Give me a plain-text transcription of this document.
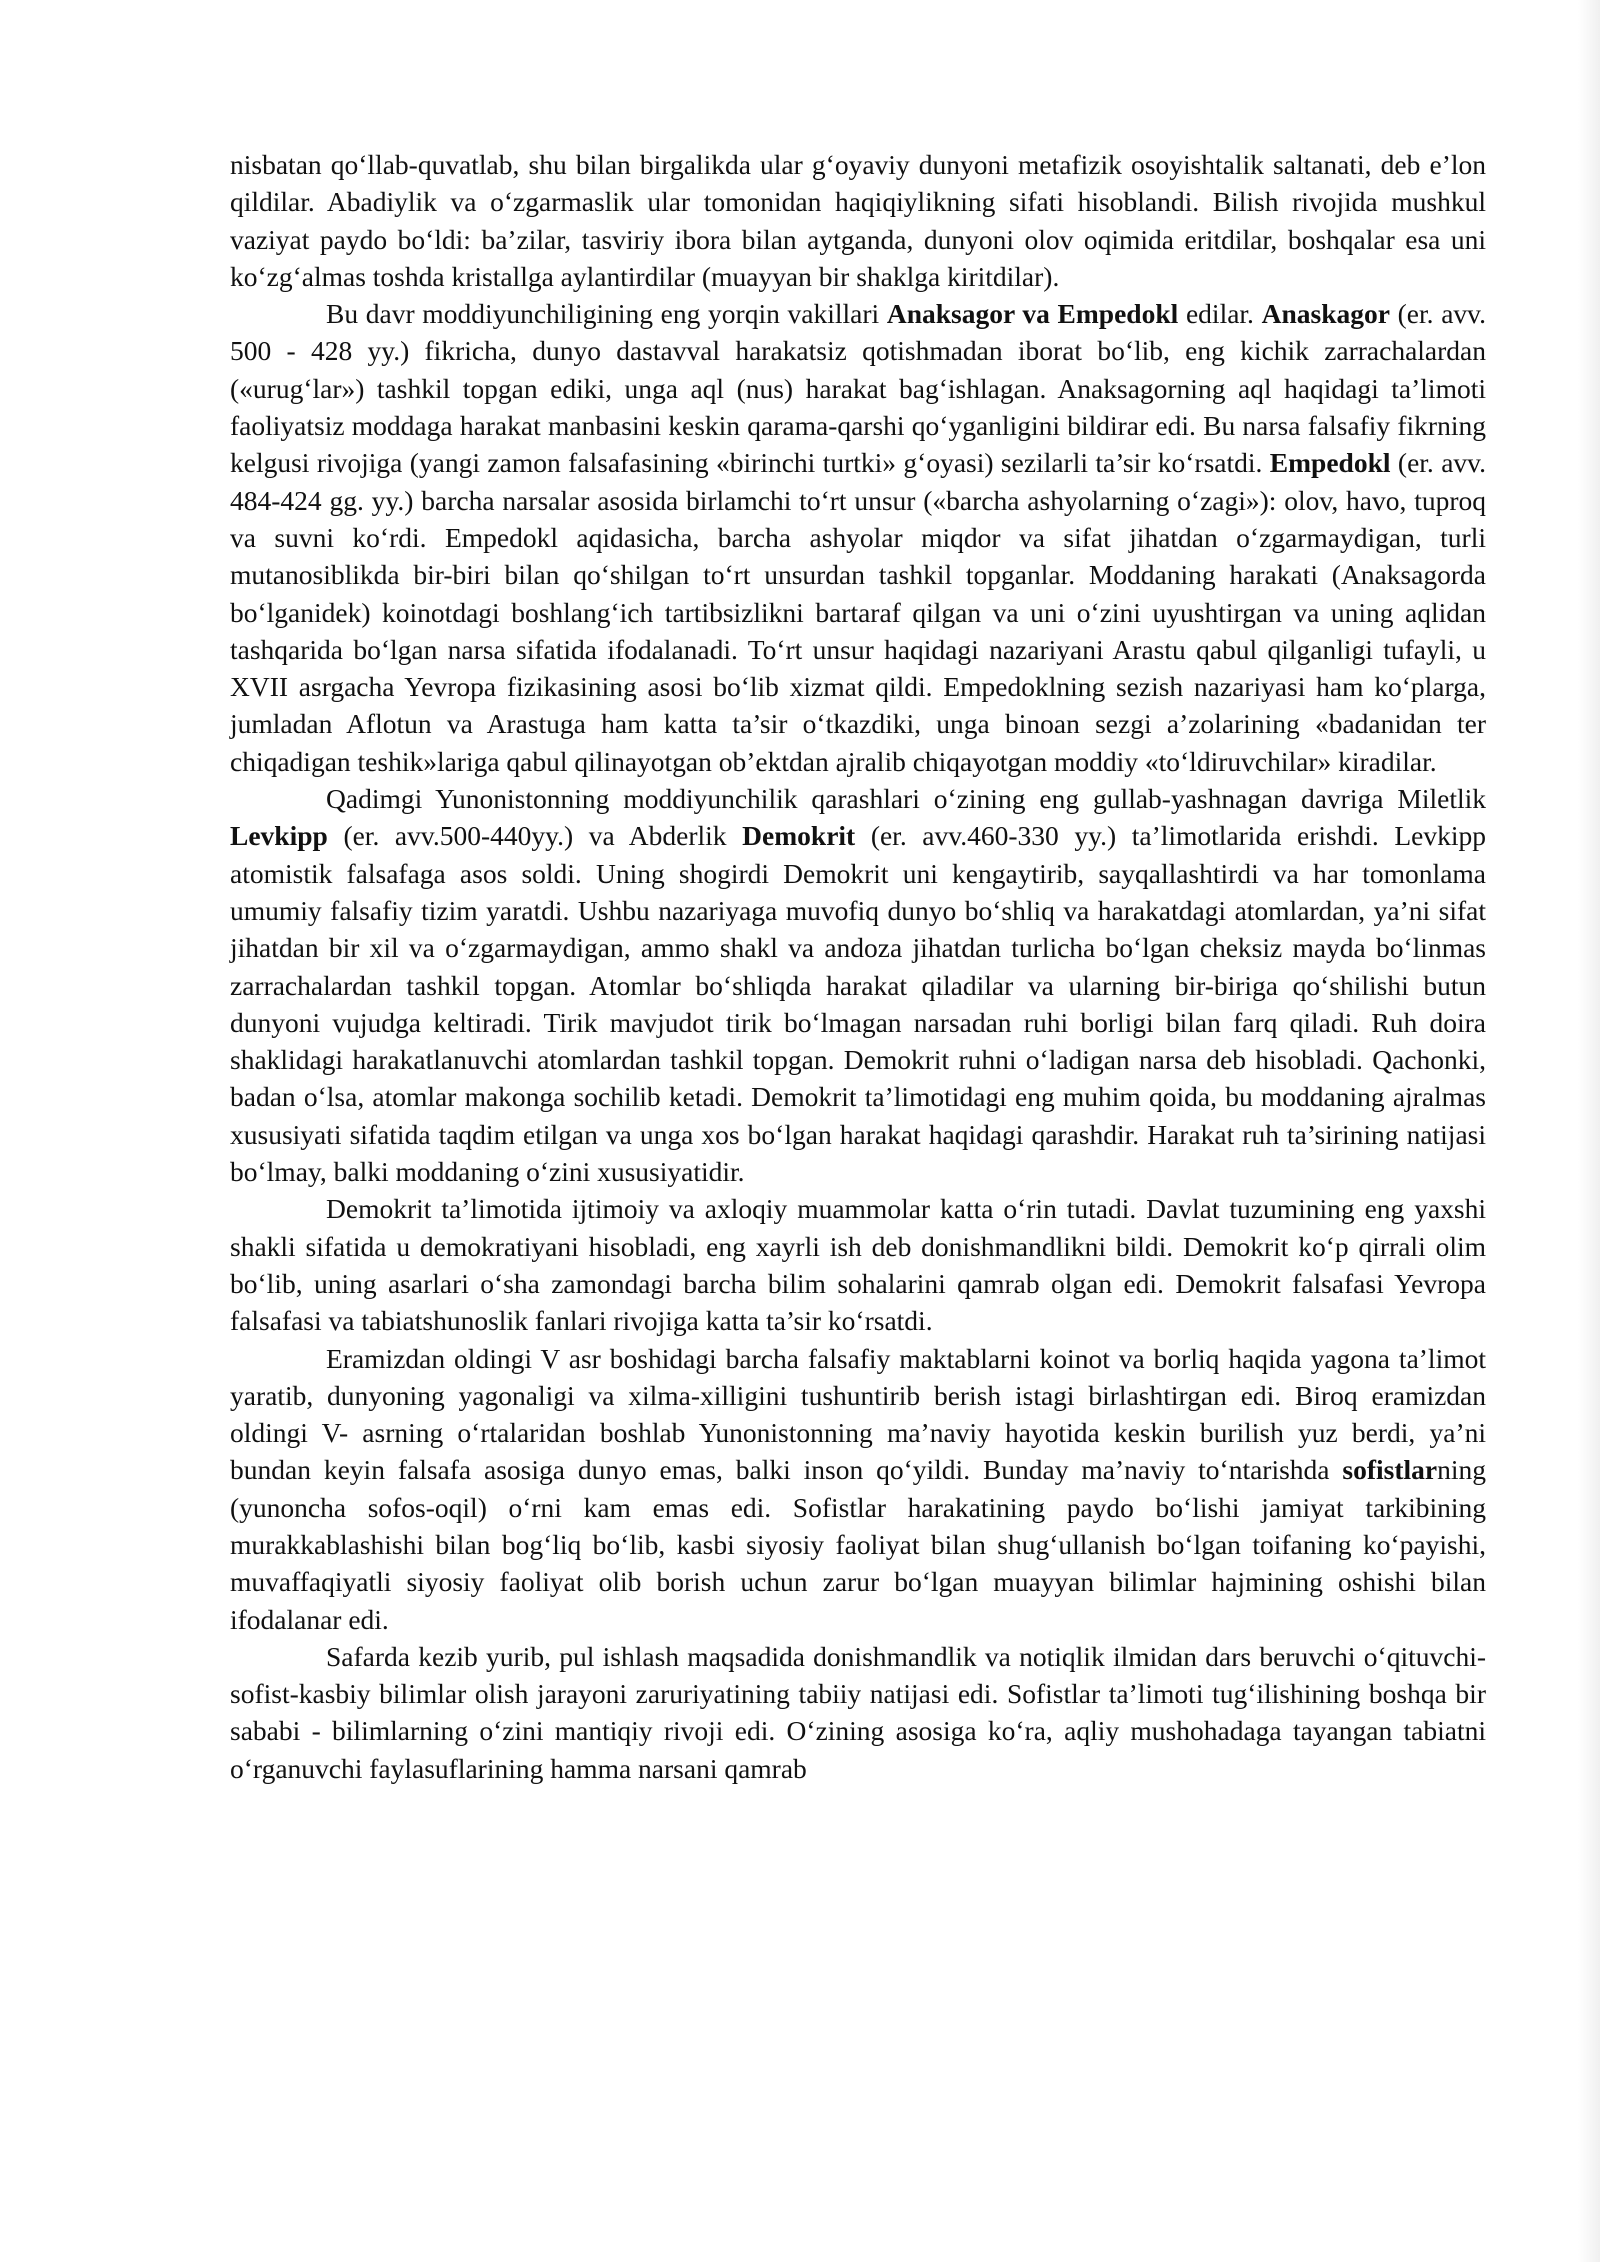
nisbatan qo‘llab-quvatlab, shu bilan birgalikda ular g‘oyaviy dunyoni metafizik osoyishtalik saltanati, deb e’lon qildilar. Abadiylik va o‘zgarmaslik ular tomonidan haqiqiylikning sifati hisoblandi. Bilish rivojida mushkul vaziyat paydo bo‘ldi: ba’zilar, tasviriy ibora bilan aytganda, dunyoni olov oqimida eritdilar, boshqalar esa uni ko‘zg‘almas toshda kristallga aylantirdilar (muayyan bir shaklga kiritdilar).

Bu davr moddiyunchiligining eng yorqin vakillari Anaksagor va Empedokl edilar. Anaskagor (er. avv. 500 - 428 yy.) fikricha, dunyo dastavval harakatsiz qotishmadan iborat bo‘lib, eng kichik zarrachalardan («urug‘lar») tashkil topgan ediki, unga aql (nus) harakat bag‘ishlagan. Anaksagorning aql haqidagi ta’limoti faoliyatsiz moddaga harakat manbasini keskin qarama-qarshi qo‘yganligini bildirar edi. Bu narsa falsafiy fikrning kelgusi rivojiga (yangi zamon falsafasining «birinchi turtki» g‘oyasi) sezilarli ta’sir ko‘rsatdi. Empedokl (er. avv. 484-424 gg. yy.) barcha narsalar asosida birlamchi to‘rt unsur («barcha ashyolarning o‘zagi»): olov, havo, tuproq va suvni ko‘rdi. Empedokl aqidasicha, barcha ashyolar miqdor va sifat jihatdan o‘zgarmaydigan, turli mutanosiblikda bir-biri bilan qo‘shilgan to‘rt unsurdan tashkil topganlar. Moddaning harakati (Anaksagorda bo‘lganidek) koinotdagi boshlang‘ich tartibsizlikni bartaraf qilgan va uni o‘zini uyushtirgan va uning aqlidan tashqarida bo‘lgan narsa sifatida ifodalanadi. To‘rt unsur haqidagi nazariyani Arastu qabul qilganligi tufayli, u XVII asrgacha Yevropa fizikasining asosi bo‘lib xizmat qildi. Empedoklning sezish nazariyasi ham ko‘plarga, jumladan Aflotun va Arastuga ham katta ta’sir o‘tkazdiki, unga binoan sezgi a’zolarining «badanidan ter chiqadigan teshik»lariga qabul qilinayotgan ob’ektdan ajralib chiqayotgan moddiy «to‘ldiruvchilar» kiradilar.

Qadimgi Yunonistonning moddiyunchilik qarashlari o‘zining eng gullab-yashnagan davriga Miletlik Levkipp (er. avv.500-440yy.) va Abderlik Demokrit (er. avv.460-330 yy.) ta’limotlarida erishdi. Levkipp atomistik falsafaga asos soldi. Uning shogirdi Demokrit uni kengaytirib, sayqallashtirdi va har tomonlama umumiy falsafiy tizim yaratdi. Ushbu nazariyaga muvofiq dunyo bo‘shliq va harakatdagi atomlardan, ya’ni sifat jihatdan bir xil va o‘zgarmaydigan, ammo shakl va andoza jihatdan turlicha bo‘lgan cheksiz mayda bo‘linmas zarrachalardan tashkil topgan. Atomlar bo‘shliqda harakat qiladilar va ularning bir-biriga qo‘shilishi butun dunyoni vujudga keltiradi. Tirik mavjudot tirik bo‘lmagan narsadan ruhi borligi bilan farq qiladi. Ruh doira shaklidagi harakatlanuvchi atomlardan tashkil topgan. Demokrit ruhni o‘ladigan narsa deb hisobladi. Qachonki, badan o‘lsa, atomlar makonga sochilib ketadi. Demokrit ta’limotidagi eng muhim qoida, bu moddaning ajralmas xususiyati sifatida taqdim etilgan va unga xos bo‘lgan harakat haqidagi qarashdir. Harakat ruh ta’sirining natijasi bo‘lmay, balki moddaning o‘zini xususiyatidir.

Demokrit ta’limotida ijtimoiy va axloqiy muammolar katta o‘rin tutadi. Davlat tuzumining eng yaxshi shakli sifatida u demokratiyani hisobladi, eng xayrli ish deb donishmandlikni bildi. Demokrit ko‘p qirrali olim bo‘lib, uning asarlari o‘sha zamondagi barcha bilim sohalarini qamrab olgan edi. Demokrit falsafasi Yevropa falsafasi va tabiatshunoslik fanlari rivojiga katta ta’sir ko‘rsatdi.

Eramizdan oldingi V asr boshidagi barcha falsafiy maktablarni koinot va borliq haqida yagona ta’limot yaratib, dunyoning yagonaligi va xilma-xilligini tushuntirib berish istagi birlashtirgan edi. Biroq eramizdan oldingi V- asrning o‘rtalaridan boshlab Yunonistonning ma’naviy hayotida keskin burilish yuz berdi, ya’ni bundan keyin falsafa asosiga dunyo emas, balki inson qo‘yildi. Bunday ma’naviy to‘ntarishda sofistlarning (yunoncha sofos-oqil) o‘rni kam emas edi. Sofistlar harakatining paydo bo‘lishi jamiyat tarkibining murakkablashishi bilan bog‘liq bo‘lib, kasbi siyosiy faoliyat bilan shug‘ullanish bo‘lgan toifaning ko‘payishi, muvaffaqiyatli siyosiy faoliyat olib borish uchun zarur bo‘lgan muayyan bilimlar hajmining oshishi bilan ifodalanar edi.

Safarda kezib yurib, pul ishlash maqsadida donishmandlik va notiqlik ilmidan dars beruvchi o‘qituvchi-sofist-kasbiy bilimlar olish jarayoni zaruriyatining tabiiy natijasi edi. Sofistlar ta’limoti tug‘ilishining boshqa bir sababi - bilimlarning o‘zini mantiqiy rivoji edi. O‘zining asosiga ko‘ra, aqliy mushohadaga tayangan tabiatni o‘rganuvchi faylasuflarining hamma narsani qamrab
